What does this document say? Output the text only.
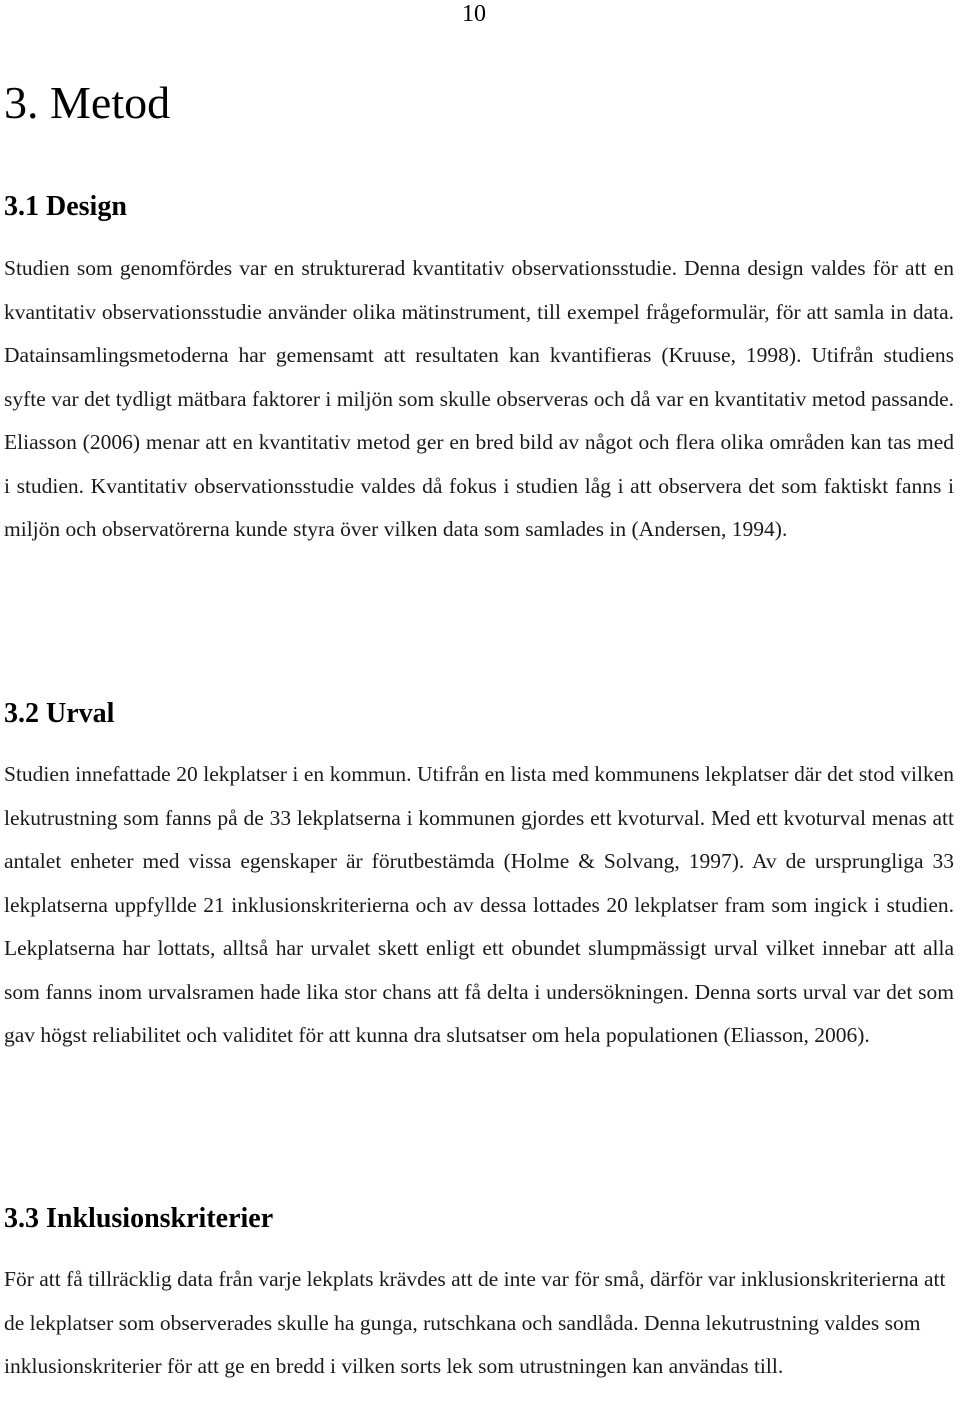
10
3. Metod
3.1 Design

Studien som genomfördes var en strukturerad kvantitativ observationsstudie. Denna design valdes för att en kvantitativ observationsstudie använder olika mätinstrument, till exempel frågeformulär, för att samla in data. Datainsamlingsmetoderna har gemensamt att resultaten kan kvantifieras (Kruuse, 1998). Utifrån studiens syfte var det tydligt mätbara faktorer i miljön som skulle observeras och då var en kvantitativ metod passande. Eliasson (2006) menar att en kvantitativ metod ger en bred bild av något och flera olika områden kan tas med i studien. Kvantitativ observationsstudie valdes då fokus i studien låg i att observera det som faktiskt fanns i miljön och observatörerna kunde styra över vilken data som samlades in (Andersen, 1994).

3.2 Urval

Studien innefattade 20 lekplatser i en kommun. Utifrån en lista med kommunens lekplatser där det stod vilken lekutrustning som fanns på de 33 lekplatserna i kommunen gjordes ett kvoturval. Med ett kvoturval menas att antalet enheter med vissa egenskaper är förutbestämda (Holme & Solvang, 1997). Av de ursprungliga 33 lekplatserna uppfyllde 21 inklusionskriterierna och av dessa lottades 20 lekplatser fram som ingick i studien. Lekplatserna har lottats, alltså har urvalet skett enligt ett obundet slumpmässigt urval vilket innebar att alla som fanns inom urvalsramen hade lika stor chans att få delta i undersökningen. Denna sorts urval var det som gav högst reliabilitet och validitet för att kunna dra slutsatser om hela populationen (Eliasson, 2006).

3.3 Inklusionskriterier

För att få tillräcklig data från varje lekplats krävdes att de inte var för små, därför var inklusionskriterierna att de lekplatser som observerades skulle ha gunga, rutschkana och sandlåda. Denna lekutrustning valdes som inklusionskriterier för att ge en bredd i vilken sorts lek som utrustningen kan användas till.
